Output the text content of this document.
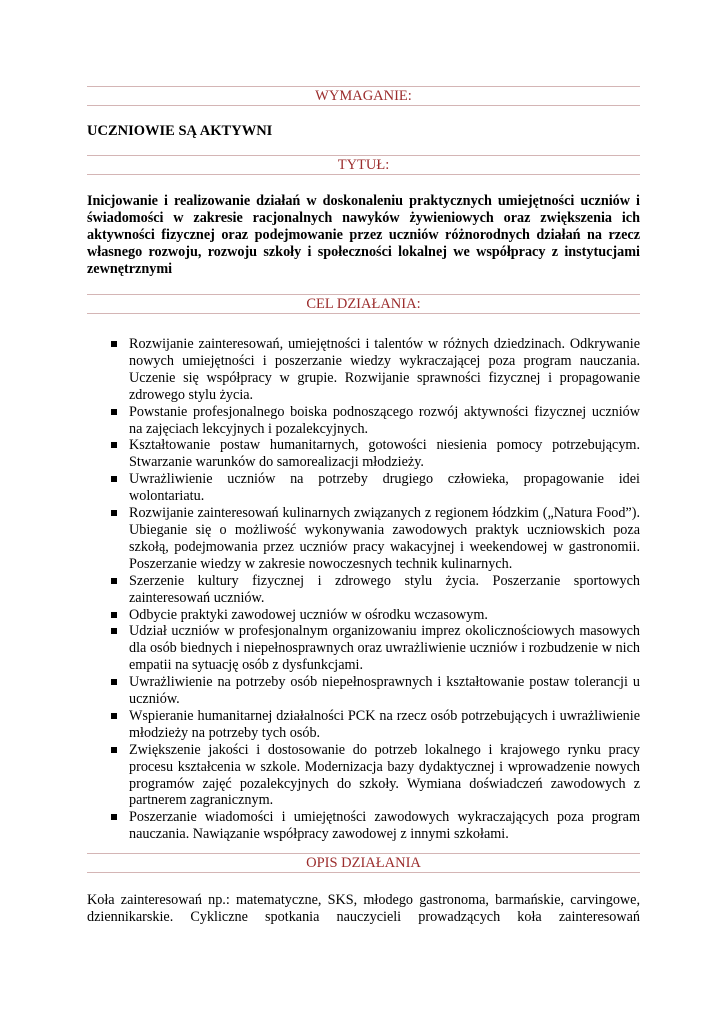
WYMAGANIE:
UCZNIOWIE SĄ AKTYWNI
TYTUŁ:
Inicjowanie i realizowanie działań w doskonaleniu praktycznych umiejętności uczniów i świadomości w zakresie racjonalnych nawyków żywieniowych oraz zwiększenia ich aktywności fizycznej oraz podejmowanie przez uczniów różnorodnych działań na rzecz własnego rozwoju, rozwoju szkoły i społeczności lokalnej we współpracy z instytucjami zewnętrznymi
CEL DZIAŁANIA:
Rozwijanie zainteresowań, umiejętności i talentów w różnych dziedzinach. Odkrywanie nowych umiejętności i poszerzanie wiedzy wykraczającej poza program nauczania. Uczenie się współpracy w grupie. Rozwijanie sprawności fizycznej i propagowanie zdrowego stylu życia.
Powstanie profesjonalnego boiska podnoszącego rozwój aktywności fizycznej uczniów na zajęciach lekcyjnych i pozalekcyjnych.
Kształtowanie postaw humanitarnych, gotowości niesienia pomocy potrzebującym. Stwarzanie warunków do samorealizacji młodzieży.
Uwrażliwienie uczniów na potrzeby drugiego człowieka, propagowanie idei wolontariatu.
Rozwijanie zainteresowań kulinarnych związanych z regionem łódzkim („Natura Food”). Ubieganie się o możliwość wykonywania zawodowych praktyk uczniowskich poza szkołą, podejmowania przez uczniów pracy wakacyjnej i weekendowej w gastronomii. Poszerzanie wiedzy w zakresie nowoczesnych technik kulinarnych.
Szerzenie kultury fizycznej i zdrowego stylu życia. Poszerzanie sportowych zainteresowań uczniów.
Odbycie praktyki zawodowej uczniów w ośrodku wczasowym.
Udział uczniów w profesjonalnym organizowaniu imprez okolicznościowych masowych dla osób biednych i niepełnosprawnych oraz uwrażliwienie uczniów i rozbudzenie w nich empatii na sytuację osób z dysfunkcjami.
Uwrażliwienie na potrzeby osób niepełnosprawnych i kształtowanie postaw tolerancji u uczniów.
Wspieranie humanitarnej działalności PCK na rzecz osób potrzebujących i uwrażliwienie młodzieży na potrzeby tych osób.
Zwiększenie jakości i dostosowanie do potrzeb lokalnego i krajowego rynku pracy procesu kształcenia w szkole. Modernizacja bazy dydaktycznej i wprowadzenie nowych programów zajęć pozalekcyjnych do szkoły. Wymiana doświadczeń zawodowych z partnerem zagranicznym.
Poszerzanie wiadomości i umiejętności zawodowych wykraczających poza program nauczania. Nawiązanie współpracy zawodowej z innymi szkołami.
OPIS DZIAŁANIA
Koła zainteresowań np.: matematyczne, SKS, młodego gastronoma, barmańskie, carvingowe, dziennikarskie. Cykliczne spotkania nauczycieli prowadzących koła zainteresowań
